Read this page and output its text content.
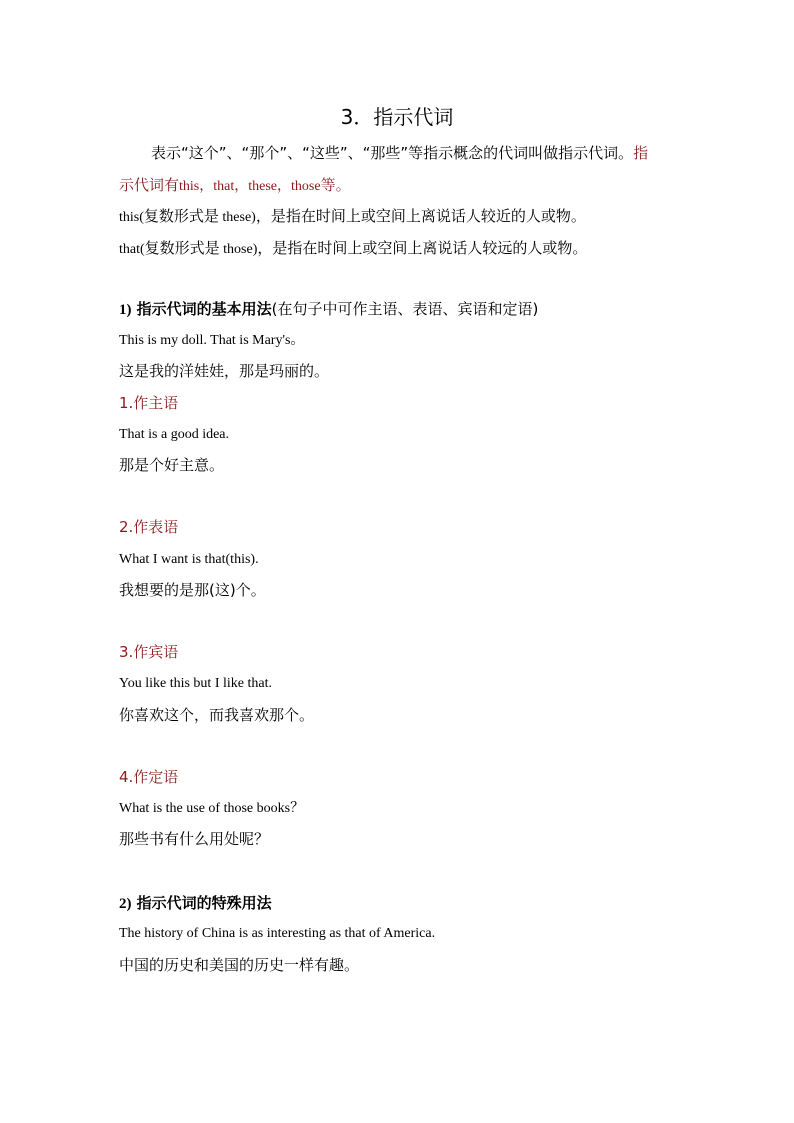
3．指示代词
表示“这个”、“那个”、“这些”、“那些”等指示概念的代词叫做指示代词。指
示代词有this，that，these，those等。
this(复数形式是 these)，是指在时间上或空间上离说话人较近的人或物。
that(复数形式是 those)，是指在时间上或空间上离说话人较远的人或物。
1) 指示代词的基本用法(在句子中可作主语、表语、宾语和定语)
This is my doll. That is Mary's。
这是我的洋娃娃，那是玛丽的。
1.作主语
That is a good idea.
那是个好主意。
2.作表语
What I want is that(this).
我想要的是那(这)个。
3.作宾语
You like this but I like that.
你喜欢这个，而我喜欢那个。
4.作定语
What is the use of those books？
那些书有什么用处呢？
2) 指示代词的特殊用法
The history of China is as interesting as that of America.
中国的历史和美国的历史一样有趣。
